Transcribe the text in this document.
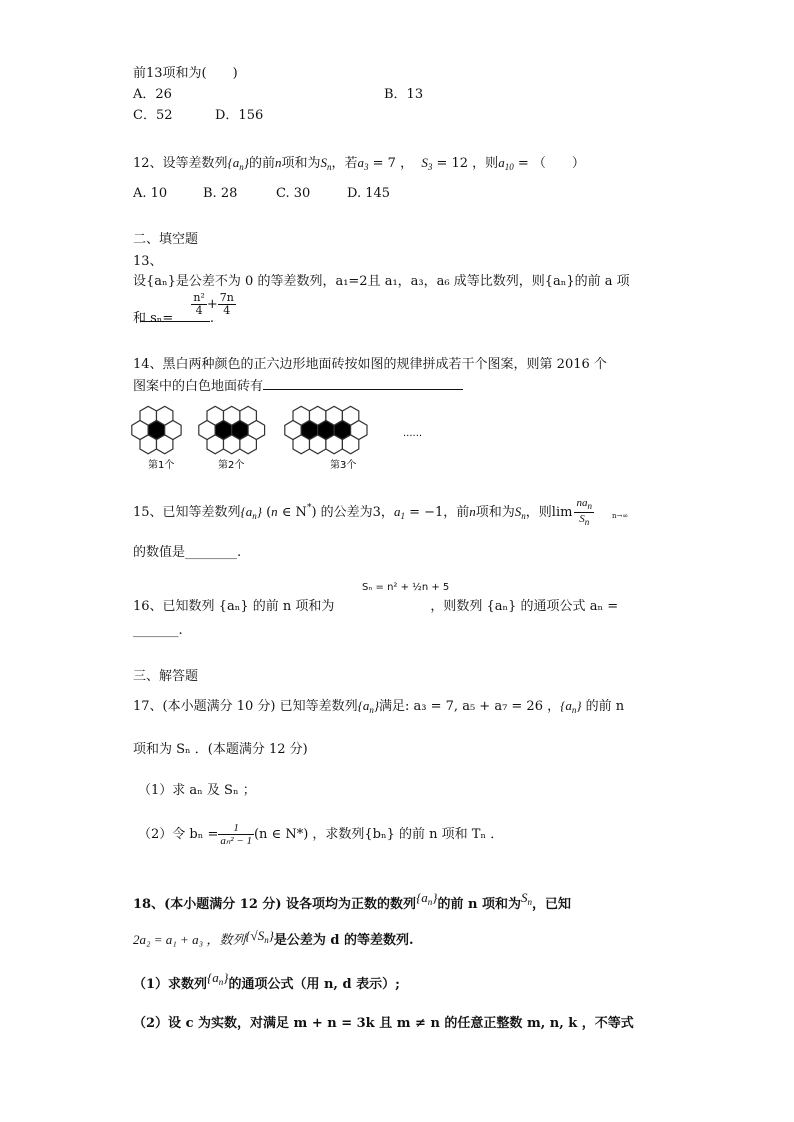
前13项和为(　　)
A．26	B．13
C．52	D．156
12、设等差数列$\{a_n\}$的前n项和为$S_n$，若$a_3 = 7$ ， $S_3 = 12$ ，则$a_{10}$ = （　　）
A. 10	B. 28	C. 30	D. 145
二、填空题
13、
设{aₙ}是公差不为 0 的等差数列，a₁=2且 a₁，a₃，a₆ 成等比数列，则{aₙ}的前 a 项
和 sₙ=
$\frac{\text{n²}}{4} + \frac{7n}{4}$
.
14、黑白两种颜色的正六边形地面砖按如图的规律拼成若干个图案，则第 2016 个
图案中的白色地面砖有
第1个	第2个	第3个
......
15、已知等差数列$\{a_n\}$ (n ∈ N*) 的公差为3，$a_1 = -1$，前n项和为$S_n$，则$\lim \frac{na_n}{S_n}$	n→∞
的数值是________.
16、已知数列 {aₙ} 的前 n 项和为	，则数列 {aₙ} 的通项公式 aₙ =
Sₙ = n² + ½n + 5
_______.
三、解答题
17、(本小题满分 10 分) 已知等差数列$\{a_n\}$满足: a₃ = 7, a₅ + a₇ = 26 ，$\{a_n\}$ 的前 n
项和为 Sₙ ．(本题满分 12 分)
（1）求 aₙ 及 Sₙ ；
（2）令 $b_n = \frac{1}{\text{aₙ² − 1}} (n$ ∈ N*) ，求数列{bₙ} 的前 n 项和 Tₙ ．
18、(本小题满分 12 分) 设各项均为正数的数列$\{a_n\}$的前 n 项和为$S_n$，已知
2a₂ = a₁ + a₃ ，数列$\{√S_n\}$是公差为 d 的等差数列.
（1）求数列$\{a_n\}$的通项公式（用 n, d 表示）;
（2）设 c 为实数，对满足 m + n = 3k 且 m ≠ n 的任意正整数 m, n, k ，不等式
